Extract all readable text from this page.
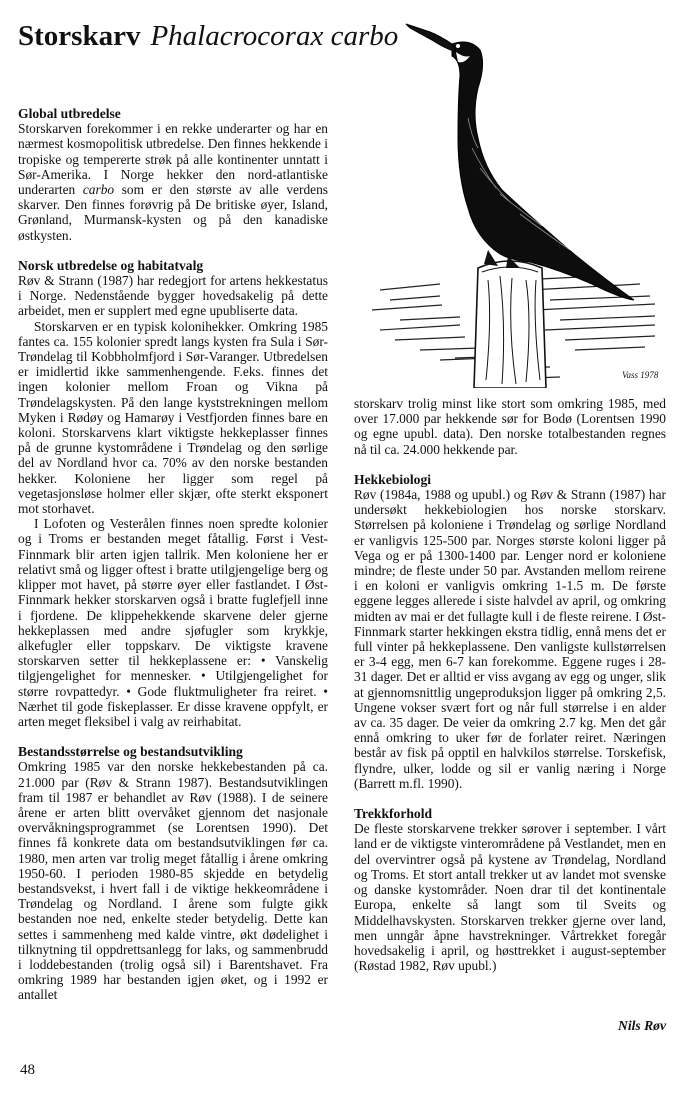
Storskarv Phalacrocorax carbo
Vass 1978
Global utbredelse

Storskarven forekommer i en rekke underarter og har en nærmest kosmopolitisk utbredelse. Den finnes hekkende i tropiske og tempererte strøk på alle kontinenter unntatt i Sør-Amerika. I Norge hekker den nord-atlantiske underarten carbo som er den største av alle verdens skarver. Den finnes forøvrig på De britiske øyer, Island, Grønland, Murmansk-kysten og på den kanadiske østkysten.

Norsk utbredelse og habitatvalg

Røv & Strann (1987) har redegjort for artens hekkestatus i Norge. Nedenstående bygger hovedsakelig på dette arbeidet, men er supplert med egne upubliserte data.

Storskarven er en typisk kolonihekker. Omkring 1985 fantes ca. 155 kolonier spredt langs kysten fra Sula i Sør-Trøndelag til Kobbholmfjord i Sør-Varanger. Utbredelsen er imidlertid ikke sammenhengende. F.eks. finnes det ingen kolonier mellom Froan og Vikna på Trøndelagskysten. På den lange kyststrekningen mellom Myken i Rødøy og Hamarøy i Vestfjorden finnes bare en koloni. Storskarvens klart viktigste hekkeplasser finnes på de grunne kystområdene i Trøndelag og den sørlige del av Nordland hvor ca. 70% av den norske bestanden hekker. Koloniene her ligger som regel på vegetasjonsløse holmer eller skjær, ofte sterkt eksponert mot storhavet.

I Lofoten og Vesterålen finnes noen spredte kolonier og i Troms er bestanden meget fåtallig. Først i Vest-Finnmark blir arten igjen tallrik. Men koloniene her er relativt små og ligger oftest i bratte utilgjengelige berg og klipper mot havet, på større øyer eller fastlandet. I Øst-Finnmark hekker storskarven også i bratte fuglefjell inne i fjordene. De klippehekkende skarvene deler gjerne hekkeplassen med andre sjøfugler som krykkje, alkefugler eller toppskarv. De viktigste kravene storskarven setter til hekkeplassene er: • Vanskelig tilgjengelighet for mennesker. • Utilgjengelighet for større rovpattedyr. • Gode fluktmuligheter fra reiret. • Nærhet til gode fiskeplasser. Er disse kravene oppfylt, er arten meget fleksibel i valg av reirhabitat.

Bestandsstørrelse og bestandsutvikling

Omkring 1985 var den norske hekkebestanden på ca. 21.000 par (Røv & Strann 1987). Bestandsutviklingen fram til 1987 er behandlet av Røv (1988). I de seinere årene er arten blitt overvåket gjennom det nasjonale overvåkningsprogrammet (se Lorentsen 1990). Det finnes få konkrete data om bestandsutviklingen før ca. 1980, men arten var trolig meget fåtallig i årene omkring 1950-60. I perioden 1980-85 skjedde en betydelig bestandsvekst, i hvert fall i de viktige hekkeområdene i Trøndelag og Nordland. I årene som fulgte gikk bestanden noe ned, enkelte steder betydelig. Dette kan settes i sammenheng med kalde vintre, økt dødelighet i tilknytning til oppdrettsanlegg for laks, og sammenbrudd i loddebestanden (trolig også sil) i Barentshavet. Fra omkring 1989 har bestanden igjen øket, og i 1992 er antallet

storskarv trolig minst like stort som omkring 1985, med over 17.000 par hekkende sør for Bodø (Lorentsen 1990 og egne upubl. data). Den norske totalbestanden regnes nå til ca. 24.000 hekkende par.

Hekkebiologi

Røv (1984a, 1988 og upubl.) og Røv & Strann (1987) har undersøkt hekkebiologien hos norske storskarv. Størrelsen på koloniene i Trøndelag og sørlige Nordland er vanligvis 125-500 par. Norges største koloni ligger på Vega og er på 1300-1400 par. Lenger nord er koloniene mindre; de fleste under 50 par. Avstanden mellom reirene i en koloni er vanligvis omkring 1-1.5 m. De første eggene legges allerede i siste halvdel av april, og omkring midten av mai er det fullagte kull i de fleste reirene. I Øst-Finnmark starter hekkingen ekstra tidlig, ennå mens det er full vinter på hekkeplassene. Den vanligste kullstørrelsen er 3-4 egg, men 6-7 kan forekomme. Eggene ruges i 28-31 dager. Det er alltid er viss avgang av egg og unger, slik at gjennomsnittlig ungeproduksjon ligger på omkring 2,5. Ungene vokser svært fort og når full størrelse i en alder av ca. 35 dager. De veier da omkring 2.7 kg. Men det går ennå omkring to uker før de forlater reiret. Næringen består av fisk på opptil en halvkilos størrelse. Torskefisk, flyndre, ulker, lodde og sil er vanlig næring i Norge (Barrett m.fl. 1990).

Trekkforhold

De fleste storskarvene trekker sørover i september. I vårt land er de viktigste vinterområdene på Vestlandet, men en del overvintrer også på kystene av Trøndelag, Nordland og Troms. Et stort antall trekker ut av landet mot svenske og danske kystområder. Noen drar til det kontinentale Europa, enkelte så langt som til Sveits og Middelhavskysten. Storskarven trekker gjerne over land, men unngår åpne havstrekninger. Vårtrekket foregår hovedsakelig i april, og høsttrekket i august-september (Røstad 1982, Røv upubl.)

Nils Røv
48
